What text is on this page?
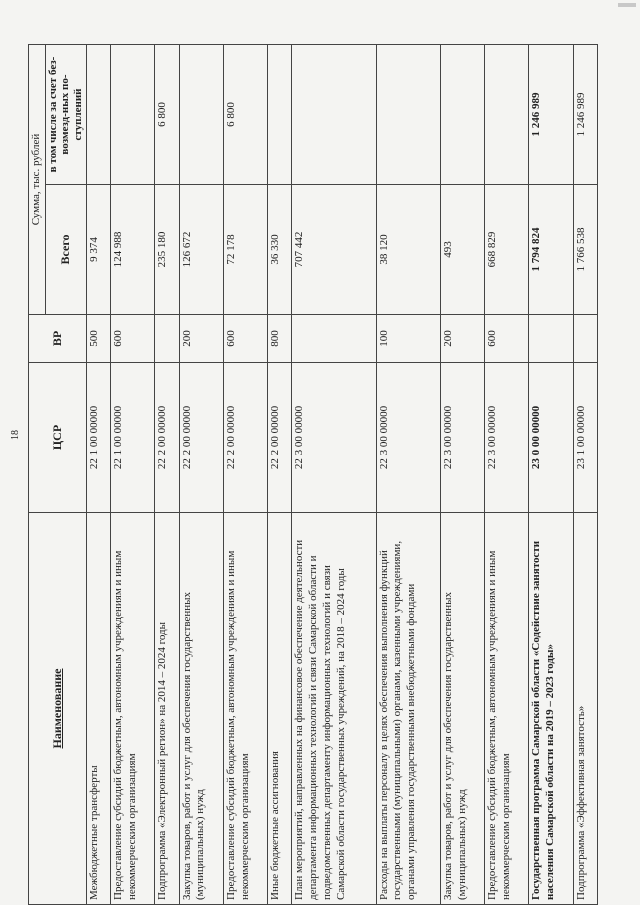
18
Наименование	ЦСР	ВР	Сумма, тыс. рублей	
			Всего	в том числе за счет без-возмезд-ных по-ступлений
Межбюджетные трансферты	22 1 00 00000	500	9 374	
Предоставление субсидий бюджетным, автономным учреждениям и иным некоммерческим организациям	22 1 00 00000	600	124 988	
Подпрограмма «Электронный регион» на 2014 – 2024 годы	22 2 00 00000		235 180	6 800
Закупка товаров, работ и услуг для обеспечения государственных (муниципальных) нужд	22 2 00 00000	200	126 672	
Предоставление субсидий бюджетным, автономным учреждениям и иным некоммерческим организациям	22 2 00 00000	600	72 178	6 800
Иные бюджетные ассигнования	22 2 00 00000	800	36 330	
План мероприятий, направленных на финансовое обеспечение деятельности департамента информационных технологий и связи Самарской области и подведомственных департаменту информационных технологий и связи Самарской области государственных учреждений, на 2018 – 2024 годы	22 3 00 00000		707 442	
Расходы на выплаты персоналу в целях обеспечения выполнения функций государственными (муниципальными) органами, казенными учреждениями, органами управления государственными внебюджетными фондами	22 3 00 00000	100	38 120	
Закупка товаров, работ и услуг для обеспечения государственных (муниципальных) нужд	22 3 00 00000	200	493	
Предоставление субсидий бюджетным, автономным учреждениям и иным некоммерческим организациям	22 3 00 00000	600	668 829	
Государственная программа Самарской области «Содействие занятости населения Самарской области на 2019 – 2023 годы»	23 0 00 00000		1 794 824	1 246 989
Подпрограмма «Эффективная занятость»	23 1 00 00000		1 766 538	1 246 989
